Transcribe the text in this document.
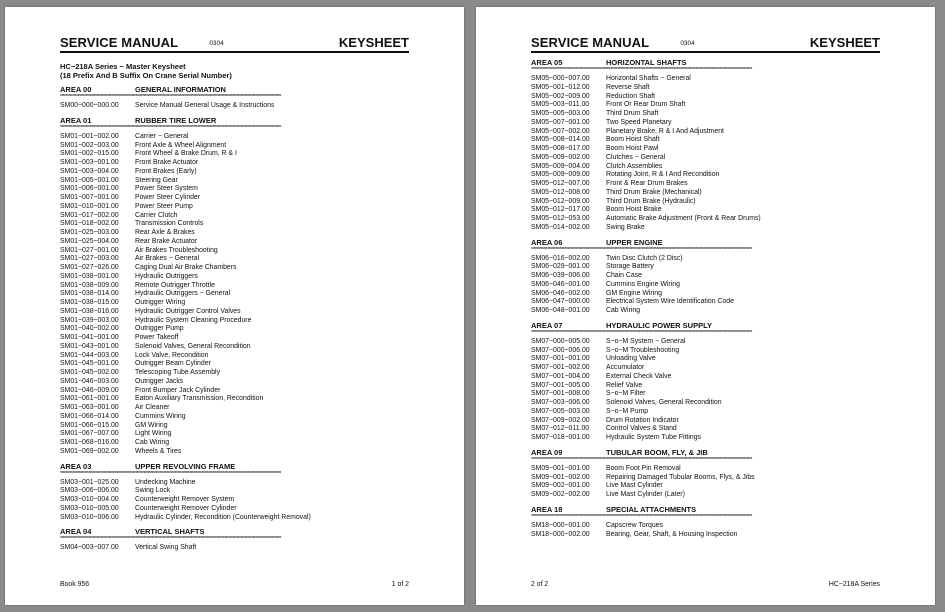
SERVICE MANUAL	0304	KEYSHEET
HC−218A Series − Master Keysheet
(18 Prefix And B Suffix On Crane Serial Number)
AREA 00	GENERAL INFORMATION
********************************************************************************************************************************************************************
SM00−000−000.00	Service Manual General Usage & Instructions
AREA 01	RUBBER TIRE LOWER
********************************************************************************************************************************************************************
SM01−001−002.00	Carrier − General
SM01−002−003.00	Front Axle & Wheel Alignment
SM01−002−015.00	Front Wheel & Brake Drum, R & I
SM01−003−001.00	Front Brake Actuator
SM01−003−004.00	Front Brakes (Early)
SM01−005−001.00	Steering Gear
SM01−006−001.00	Power Steer System
SM01−007−001.00	Power Steer Cylinder
SM01−010−001.00	Power Steer Pump
SM01−017−002.00	Carrier Clutch
SM01−018−002.00	Transmission Controls
SM01−025−003.00	Rear Axle & Brakes
SM01−025−004.00	Rear Brake Actuator
SM01−027−001.00	Air Brakes Troubleshooting
SM01−027−003.00	Air Brakes − General
SM01−027−026.00	Caging Dual Air Brake Chambers
SM01−038−001.00	Hydraulic Outriggers
SM01−038−009.00	Remote Outrigger Throttle
SM01−038−014.00	Hydraulic Outriggers − General
SM01−038−015.00	Outrigger Wiring
SM01−038−016.00	Hydraulic Outrigger Control Valves
SM01−039−003.00	Hydraulic System Cleaning Procedure
SM01−040−002.00	Outrigger Pump
SM01−041−001.00	Power Takeoff
SM01−043−001.00	Solenoid Valves, General Recondition
SM01−044−003.00	Lock Valve, Recondition
SM01−045−001.00	Outrigger Beam Cylinder
SM01−045−002.00	Telescoping Tube Assembly
SM01−046−003.00	Outrigger Jacks
SM01−046−009.00	Front Bumper Jack Cylinder
SM01−061−001.00	Eaton Auxiliary Transmission, Recondition
SM01−063−001.00	Air Cleaner
SM01−066−014.00	Cummins Wiring
SM01−066−015.00	GM Wiring
SM01−067−007.00	Light Wiring
SM01−068−016.00	Cab Wiring
SM01−069−002.00	Wheels & Tires
AREA 03	UPPER REVOLVING FRAME
********************************************************************************************************************************************************************
SM03−001−025.00	Undecking Machine
SM03−006−006.00	Swing Lock
SM03−010−004.00	Counterweight Remover System
SM03−010−005.00	Counterweight Remover Cylinder
SM03−010−006.00	Hydraulic Cylinder, Recondition (Counterweight Removal)
AREA 04	VERTICAL SHAFTS
********************************************************************************************************************************************************************
SM04−003−007.00	Vertical Swing Shaft
Book 956	1 of 2
SERVICE MANUAL	0304	KEYSHEET
AREA 05	HORIZONTAL SHAFTS
********************************************************************************************************************************************************************
SM05−000−007.00	Horizontal Shafts − General
SM05−001−012.00	Reverse Shaft
SM05−002−009.00	Reduction Shaft
SM05−003−011.00	Front Or Rear Drum Shaft
SM05−005−003.00	Third Drum Shaft
SM05−007−001.00	Two Speed Planetary
SM05−007−002.00	Planetary Brake, R & I And Adjustment
SM05−008−014.00	Boom Hoist Shaft
SM05−008−017.00	Boom Hoist Pawl
SM05−009−002.00	Clutches − General
SM05−009−004.00	Clutch Assemblies
SM05−009−009.00	Rotating Joint, R & I And Recondition
SM05−012−007.00	Front & Rear Drum Brakes
SM05−012−008.00	Third Drum Brake (Mechanical)
SM05−012−009.00	Third Drum Brake (Hydraulic)
SM05−012−017.00	Boom Hoist Brake
SM05−012−053.00	Automatic Brake Adjustment (Front & Rear Drums)
SM05−014−002.00	Swing Brake
AREA 06	UPPER ENGINE
********************************************************************************************************************************************************************
SM06−016−002.00	Twin Disc Clutch (2 Disc)
SM06−029−001.00	Storage Battery
SM06−039−006.00	Chain Case
SM06−046−001.00	Cummins Engine Wiring
SM06−046−002.00	GM Engine Wiring
SM06−047−000.00	Electrical System Wire Identification Code
SM06−048−001.00	Cab Wiring
AREA 07	HYDRAULIC POWER SUPPLY
********************************************************************************************************************************************************************
SM07−000−005.00	S−o−M System − General
SM07−000−006.00	S−o−M Troubleshooting
SM07−001−001.00	Unloading Valve
SM07−001−002.00	Accumulator
SM07−001−004.00	External Check Valve
SM07−001−005.00	Relief Valve
SM07−001−008.00	S−o−M Filter
SM07−003−006.00	Solenoid Valves, General Recondition
SM07−005−003.00	S−o−M Pump
SM07−009−002.00	Drum Rotation Indicator
SM07−012−011.00	Control Valves & Stand
SM07−018−001.00	Hydraulic System Tube Fittings
AREA 09	TUBULAR BOOM, FLY, & JIB
********************************************************************************************************************************************************************
SM09−001−001.00	Boom Foot Pin Removal
SM09−001−002.00	Repairing Damaged Tubular Booms, Flys, & Jibs
SM09−002−001.00	Live Mast Cylinder
SM09−002−002.00	Live Mast Cylinder (Later)
AREA 18	SPECIAL ATTACHMENTS
********************************************************************************************************************************************************************
SM18−000−001.00	Capscrew Torques
SM18−000−002.00	Bearing, Gear, Shaft, & Housing Inspection
2 of 2	HC−218A Series
